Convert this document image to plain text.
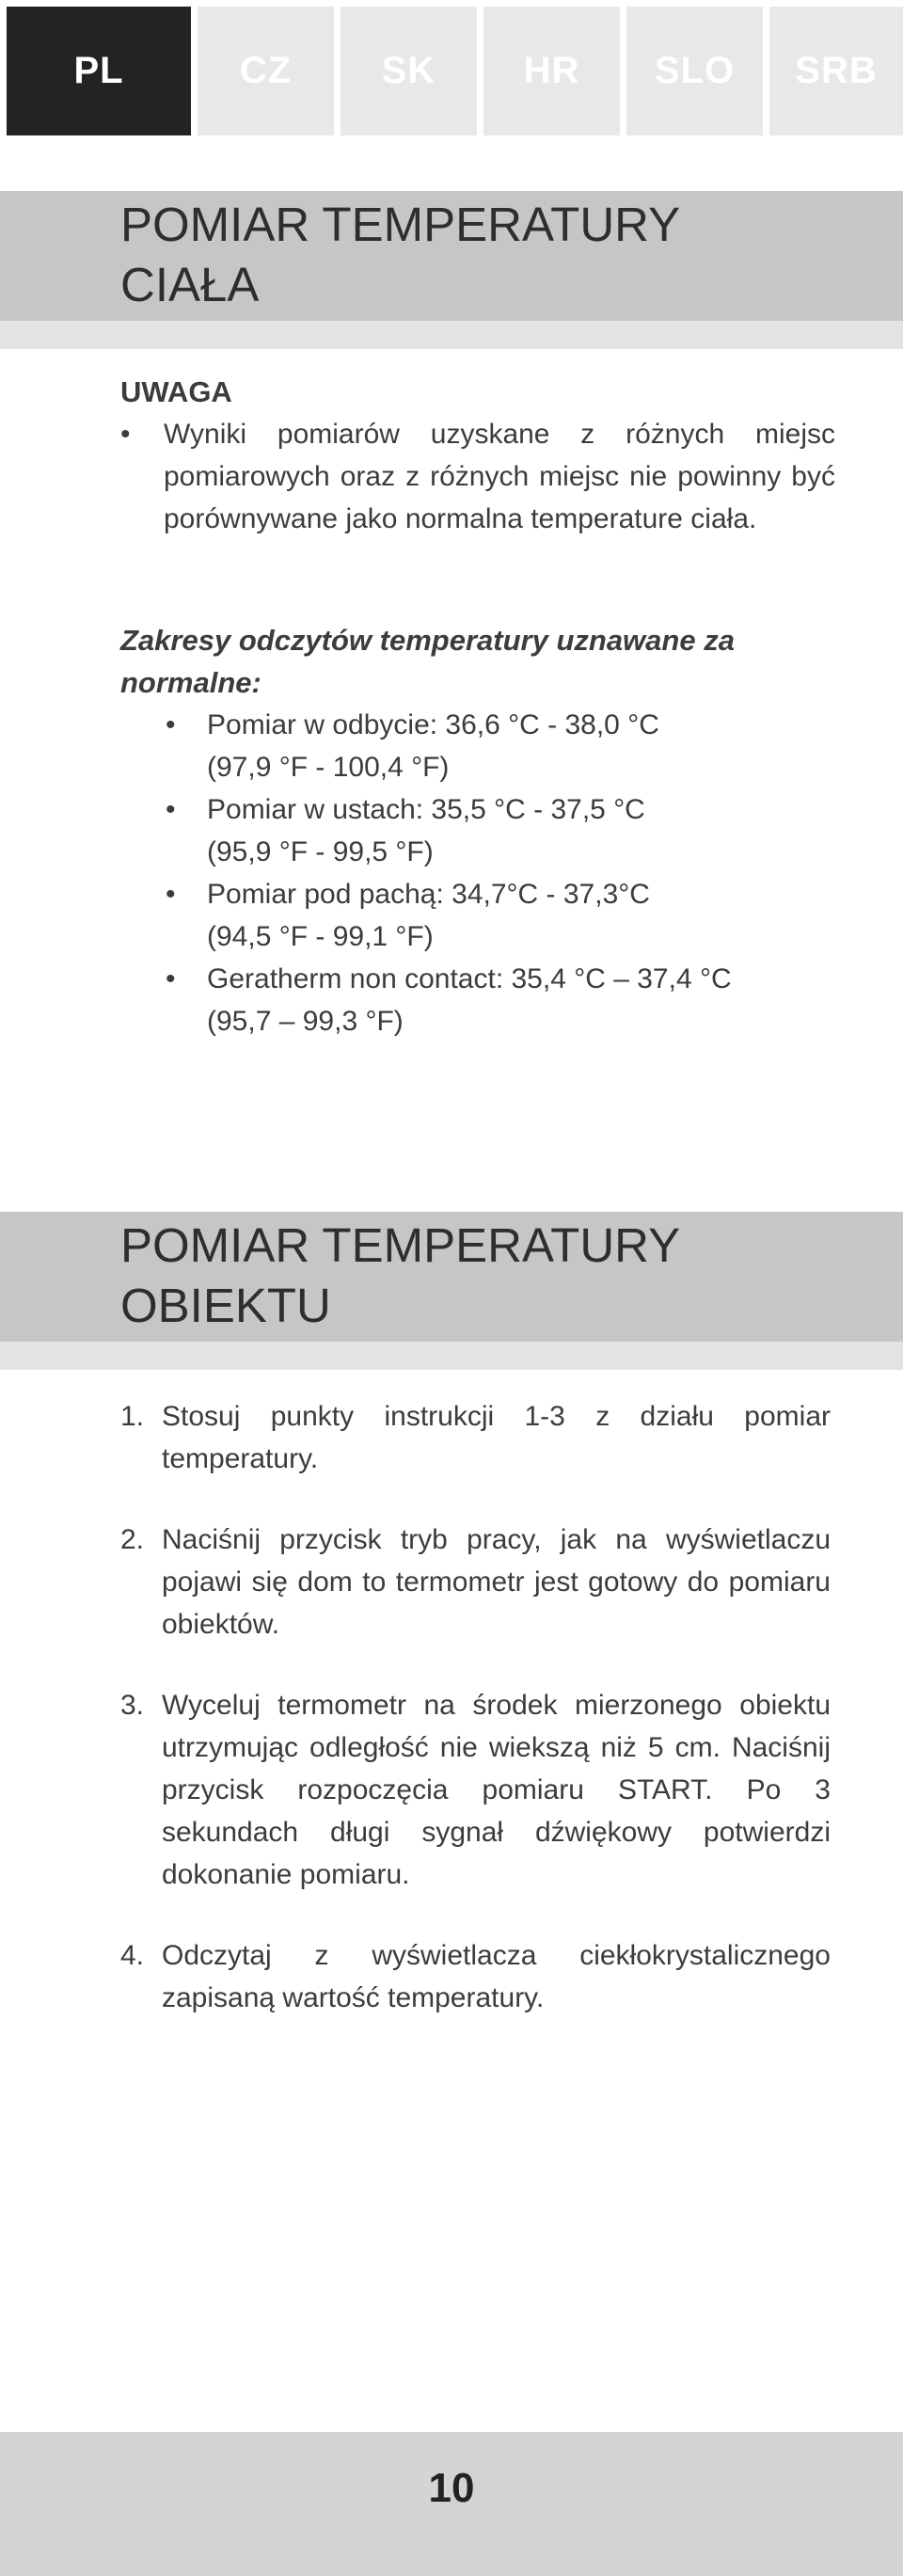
PL	CZ	SK	HR	SLO	SRB
POMIAR TEMPERATURY
CIAŁA
UWAGA
• Wyniki pomiarów uzyskane z różnych miejsc pomiarowych oraz z różnych miejsc nie powinny być porównywane jako normalna temperature ciała.
Zakresy odczytów temperatury uznawane za normalne:
• Pomiar w odbycie: 36,6 °C - 38,0 °C
(97,9 °F - 100,4 °F)
• Pomiar w ustach: 35,5 °C - 37,5 °C
(95,9 °F - 99,5 °F)
• Pomiar pod pachą: 34,7°C - 37,3°C
(94,5 °F - 99,1 °F)
• Geratherm non contact: 35,4 °C – 37,4 °C
(95,7 – 99,3 °F)
POMIAR TEMPERATURY
OBIEKTU
1. Stosuj punkty instrukcji 1-3 z działu pomiar temperatury.
2. Naciśnij przycisk tryb pracy, jak na wyświetlaczu pojawi się dom to termometr jest gotowy do pomiaru obiektów.
3. Wyceluj termometr na środek mierzonego obiektu utrzymując odległość nie wiekszą niż 5 cm. Naciśnij przycisk rozpoczęcia pomiaru START. Po 3 sekundach długi sygnał dźwiękowy potwierdzi dokonanie pomiaru.
4. Odczytaj z wyświetlacza ciekłokrystalicznego zapisaną wartość temperatury.
10
